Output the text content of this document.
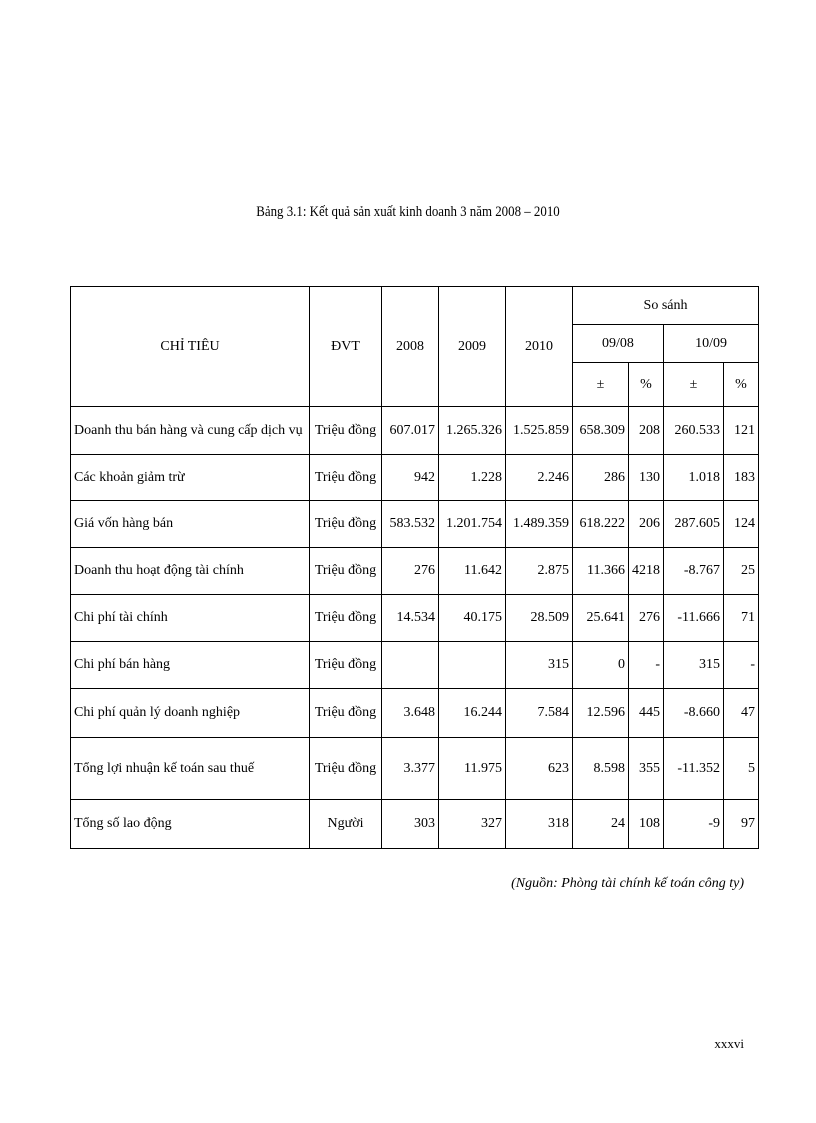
Bảng 3.1: Kết quả sản xuất kinh doanh 3 năm 2008 – 2010
CHỈ TIÊU	ĐVT	2008	2009	2010	So sánh			
					09/08		10/09	
					±	%	±	%
Doanh thu bán hàng và cung cấp dịch vụ	Triệu đồng	607.017	1.265.326	1.525.859	658.309	208	260.533	121
Các khoản giảm trừ	Triệu đồng	942	1.228	2.246	286	130	1.018	183
Giá vốn hàng bán	Triệu đồng	583.532	1.201.754	1.489.359	618.222	206	287.605	124
Doanh thu hoạt động tài chính	Triệu đồng	276	11.642	2.875	11.366	4218	-8.767	25
Chi phí tài chính	Triệu đồng	14.534	40.175	28.509	25.641	276	-11.666	71
Chi phí bán hàng	Triệu đồng			315	0	-	315	-
Chi phí quản lý doanh nghiệp	Triệu đồng	3.648	16.244	7.584	12.596	445	-8.660	47
Tổng lợi nhuận kế toán sau thuế	Triệu đồng	3.377	11.975	623	8.598	355	-11.352	5
Tổng số lao động	Người	303	327	318	24	108	-9	97
(Nguồn: Phòng tài chính kế toán công ty)
xxxvi
